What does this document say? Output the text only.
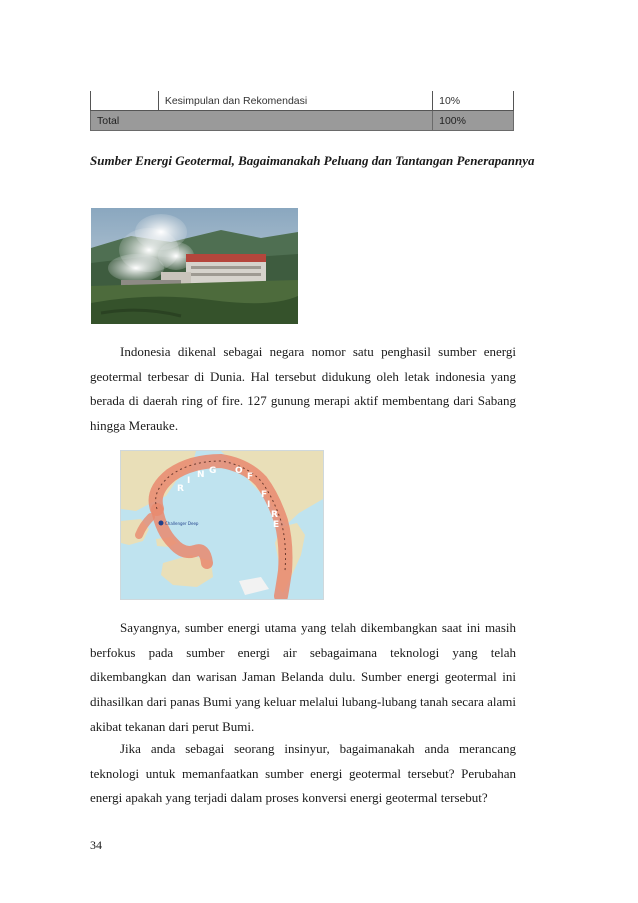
	Kesimpulan dan Rekomendasi	10%
Total		100%

Sumber Energi Geotermal, Bagaimanakah Peluang dan Tantangan Penerapannya

Indonesia dikenal sebagai negara nomor satu penghasil sumber energi geotermal terbesar di Dunia. Hal tersebut didukung oleh letak indonesia yang berada di daerah ring of fire. 127 gunung merapi aktif membentang dari Sabang hingga Merauke.

R
I
N G O
F
F
I
R
E
Challenger Deep

Sayangnya, sumber energi utama yang telah dikembangkan saat ini masih berfokus pada sumber energi air sebagaimana teknologi yang telah dikembangkan dan warisan Jaman Belanda dulu. Sumber energi geotermal ini dihasilkan dari panas Bumi yang keluar melalui lubang-lubang tanah secara alami akibat tekanan dari perut Bumi.

Jika anda sebagai seorang insinyur, bagaimanakah anda merancang teknologi untuk memanfaatkan sumber energi geotermal tersebut? Perubahan energi apakah yang terjadi dalam proses konversi energi geotermal tersebut?

34
